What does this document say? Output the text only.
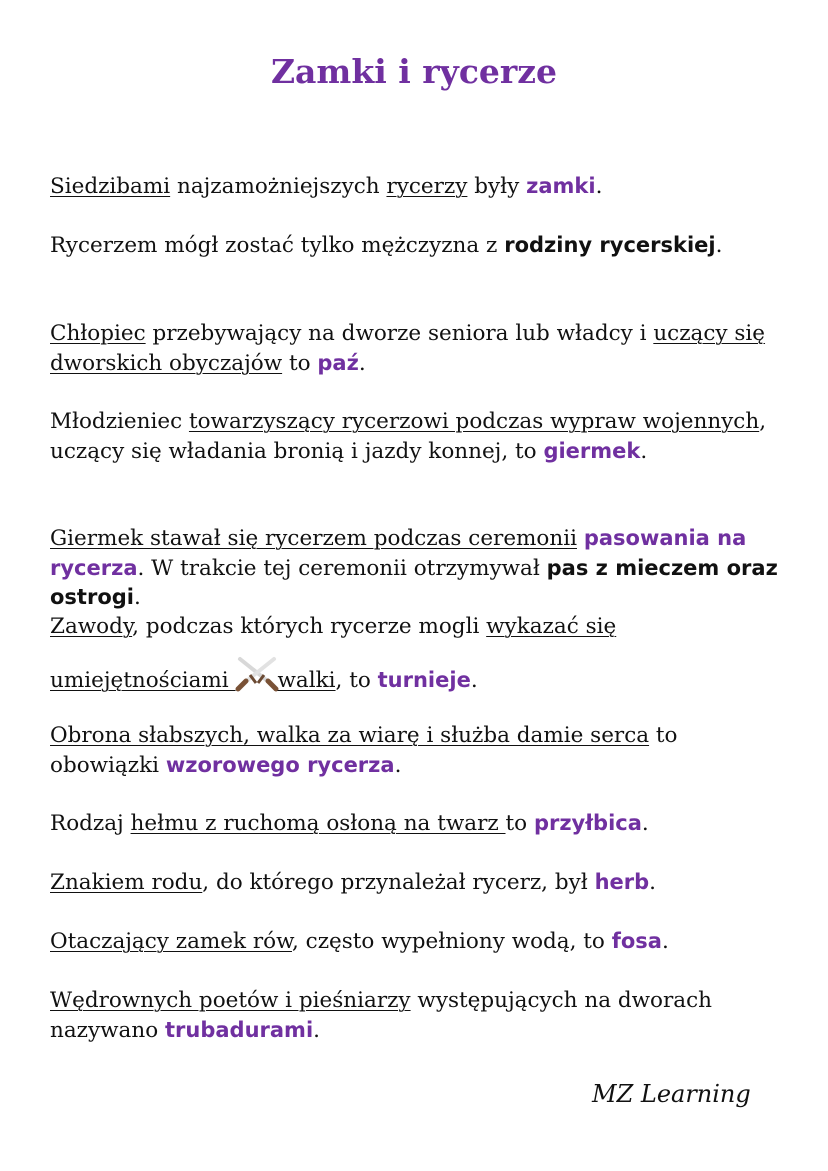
Zamki i rycerze

Siedzibami najzamożniejszych rycerzy były zamki.

Rycerzem mógł zostać tylko mężczyzna z rodziny rycerskiej.

Chłopiec przebywający na dworze seniora lub władcy i uczący się dworskich obyczajów to paź.

Młodzieniec towarzyszący rycerzowi podczas wypraw wojennych, uczący się władania bronią i jazdy konnej, to giermek.

Giermek stawał się rycerzem podczas ceremonii pasowania na rycerza. W trakcie tej ceremonii otrzymywał pas z mieczem oraz ostrogi.

Zawody, podczas których rycerze mogli wykazać się

umiejętnościami walki, to turnieje.

Obrona słabszych, walka za wiarę i służba damie serca to obowiązki wzorowego rycerza.

Rodzaj hełmu z ruchomą osłoną na twarz to przyłbica.

Znakiem rodu, do którego przynależał rycerz, był herb.

Otaczający zamek rów, często wypełniony wodą, to fosa.

Wędrownych poetów i pieśniarzy występujących na dworach nazywano trubadurami.

MZ Learning
